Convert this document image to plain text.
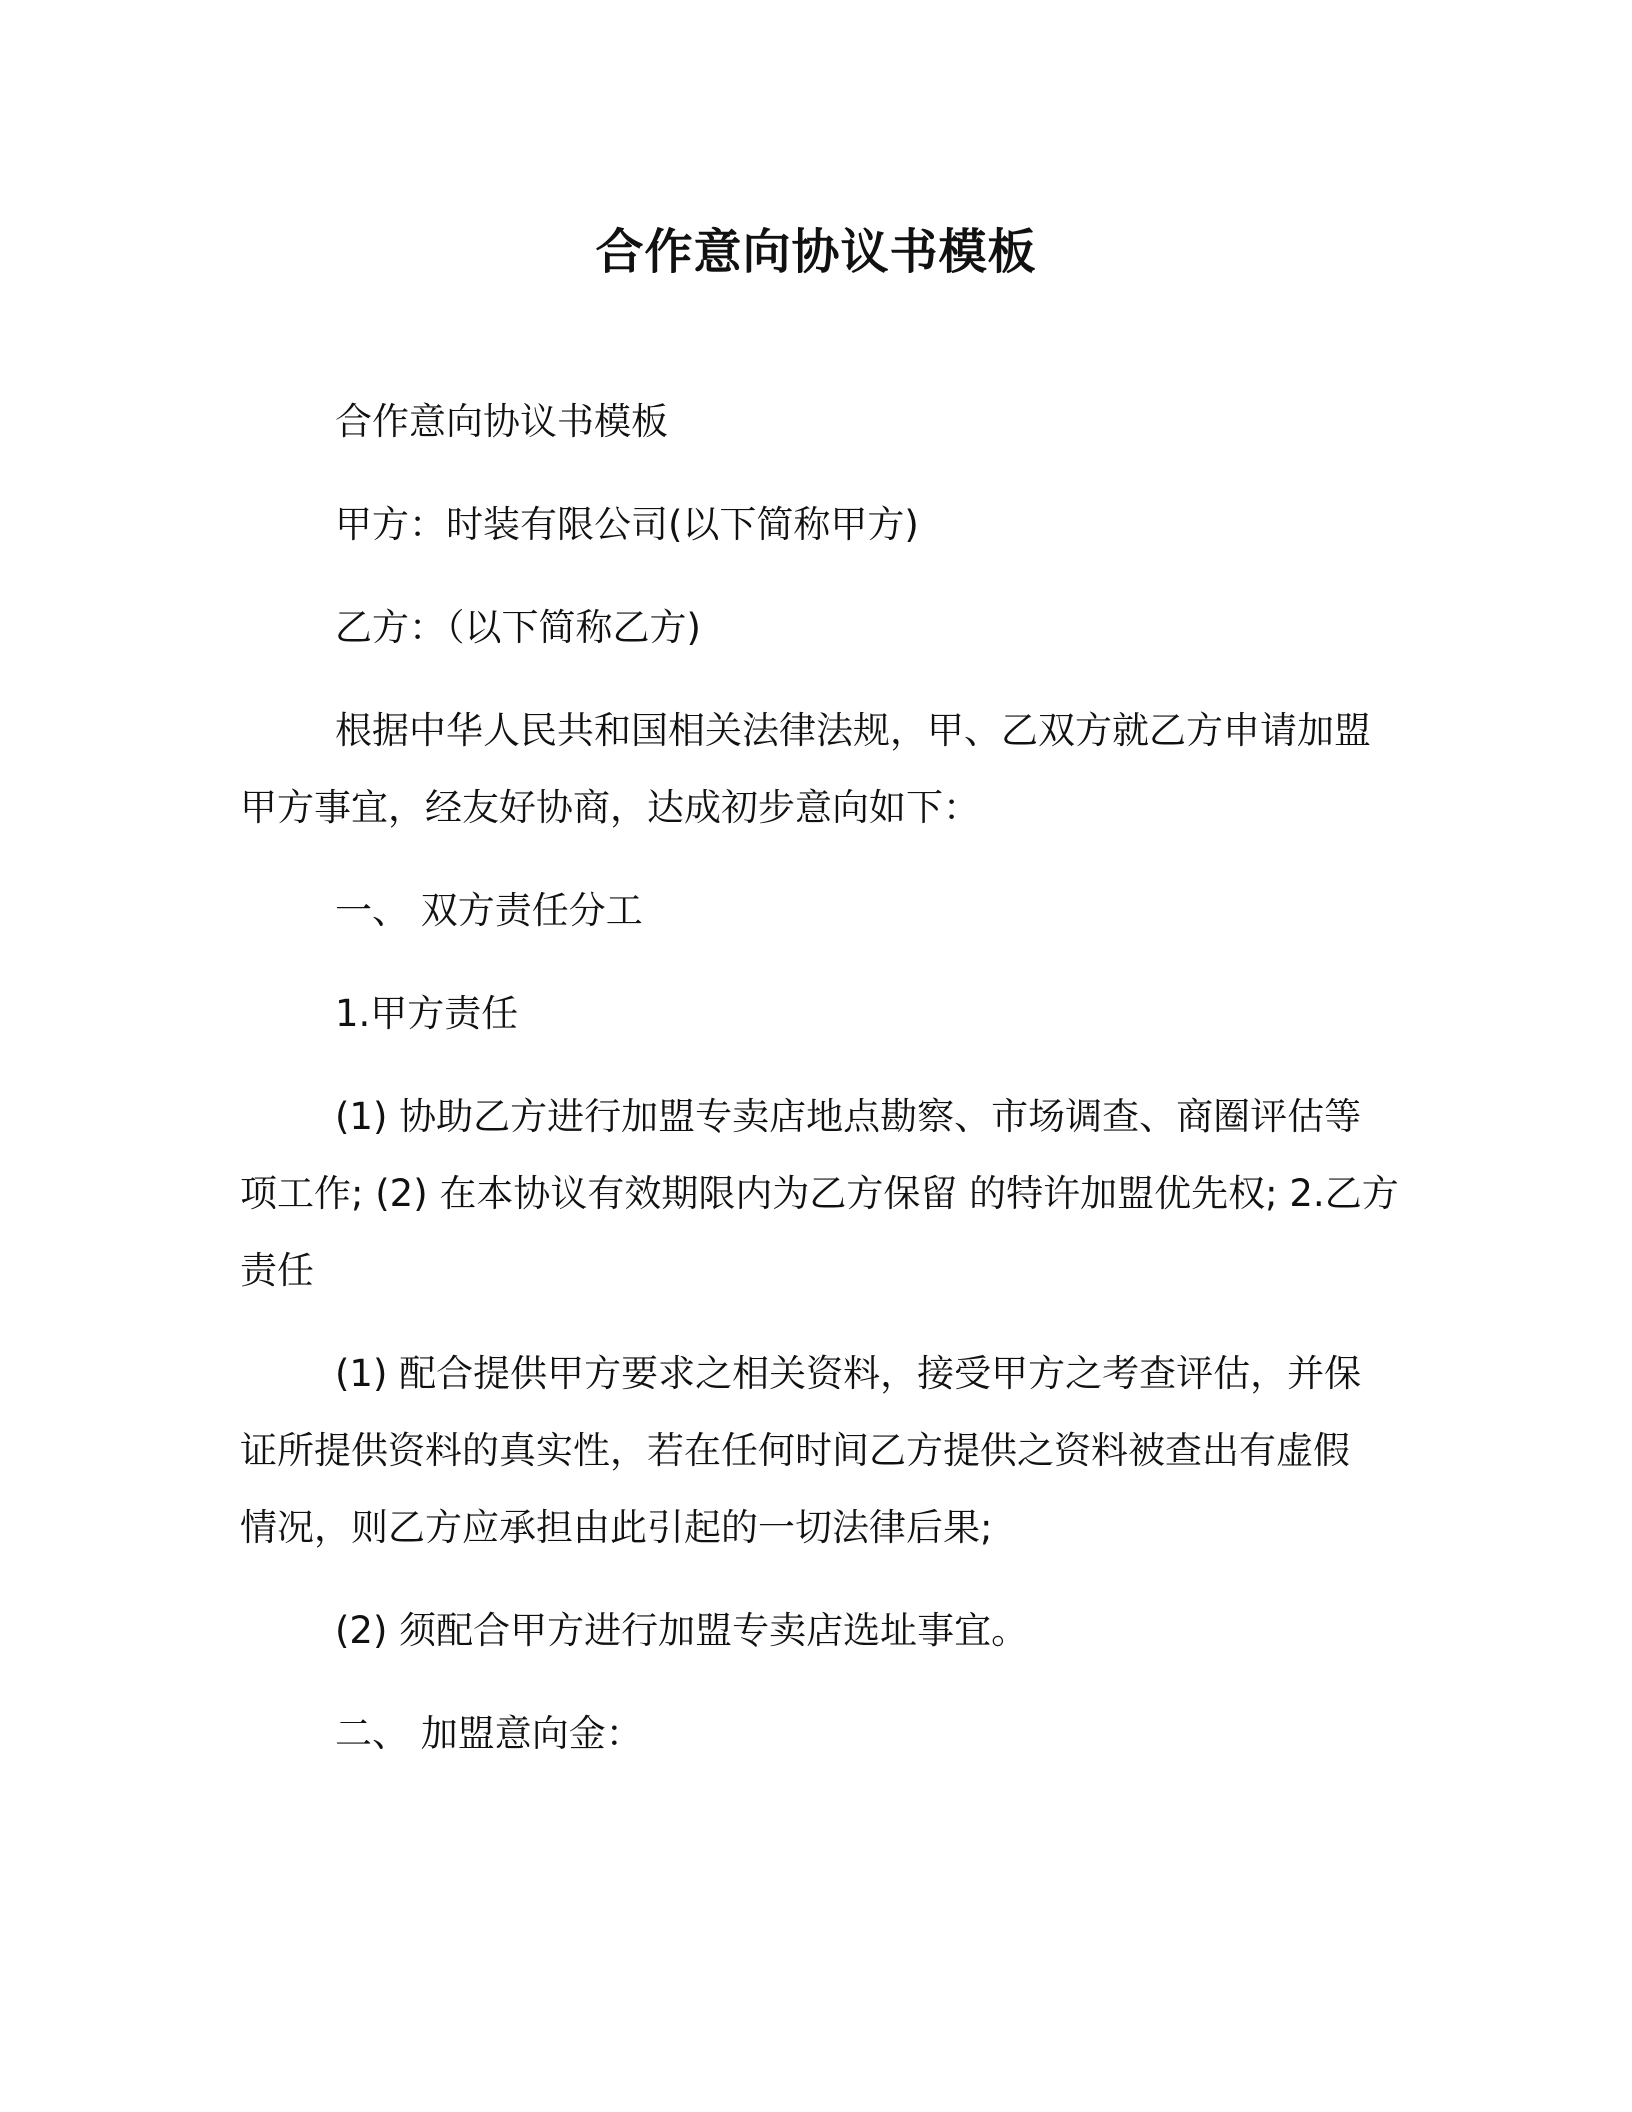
合作意向协议书模板
合作意向协议书模板
甲方：时装有限公司(以下简称甲方)
乙方：（以下简称乙方)
根据中华人民共和国相关法律法规，甲、乙双方就乙方申请加盟
甲方事宜，经友好协商，达成初步意向如下：
一、 双方责任分工
1.甲方责任
(1) 协助乙方进行加盟专卖店地点勘察、市场调查、商圈评估等
项工作; (2) 在本协议有效期限内为乙方保留 的特许加盟优先权; 2.乙方
责任
(1) 配合提供甲方要求之相关资料，接受甲方之考查评估，并保
证所提供资料的真实性，若在任何时间乙方提供之资料被查出有虚假
情况，则乙方应承担由此引起的一切法律后果;
(2) 须配合甲方进行加盟专卖店选址事宜。
二、 加盟意向金：
